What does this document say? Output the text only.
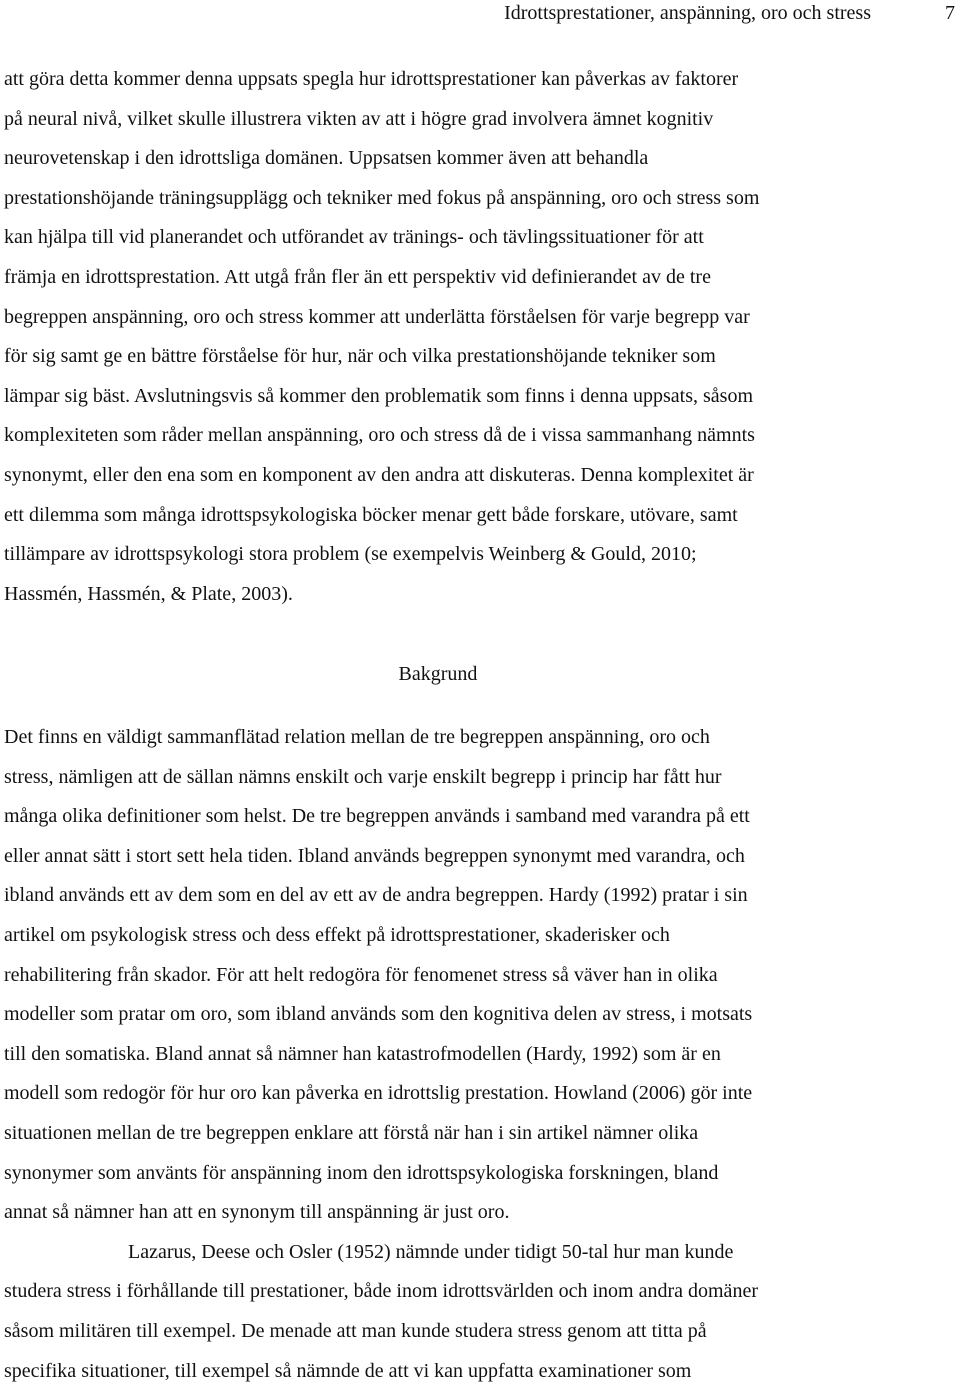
Idrottsprestationer, anspänning, oro och stress	7
att göra detta kommer denna uppsats spegla hur idrottsprestationer kan påverkas av faktorer
på neural nivå, vilket skulle illustrera vikten av att i högre grad involvera ämnet kognitiv
neurovetenskap i den idrottsliga domänen. Uppsatsen kommer även att behandla
prestationshöjande träningsupplägg och tekniker med fokus på anspänning, oro och stress som
kan hjälpa till vid planerandet och utförandet av tränings- och tävlingssituationer för att
främja en idrottsprestation. Att utgå från fler än ett perspektiv vid definierandet av de tre
begreppen anspänning, oro och stress kommer att underlätta förståelsen för varje begrepp var
för sig samt ge en bättre förståelse för hur, när och vilka prestationshöjande tekniker som
lämpar sig bäst. Avslutningsvis så kommer den problematik som finns i denna uppsats, såsom
komplexiteten som råder mellan anspänning, oro och stress då de i vissa sammanhang nämnts
synonymt, eller den ena som en komponent av den andra att diskuteras. Denna komplexitet är
ett dilemma som många idrottspsykologiska böcker menar gett både forskare, utövare, samt
tillämpare av idrottspsykologi stora problem (se exempelvis Weinberg & Gould, 2010;
Hassmén, Hassmén, & Plate, 2003).
Bakgrund
Det finns en väldigt sammanflätad relation mellan de tre begreppen anspänning, oro och
stress, nämligen att de sällan nämns enskilt och varje enskilt begrepp i princip har fått hur
många olika definitioner som helst. De tre begreppen används i samband med varandra på ett
eller annat sätt i stort sett hela tiden. Ibland används begreppen synonymt med varandra, och
ibland används ett av dem som en del av ett av de andra begreppen. Hardy (1992) pratar i sin
artikel om psykologisk stress och dess effekt på idrottsprestationer, skaderisker och
rehabilitering från skador. För att helt redogöra för fenomenet stress så väver han in olika
modeller som pratar om oro, som ibland används som den kognitiva delen av stress, i motsats
till den somatiska. Bland annat så nämner han katastrofmodellen (Hardy, 1992) som är en
modell som redogör för hur oro kan påverka en idrottslig prestation. Howland (2006) gör inte
situationen mellan de tre begreppen enklare att förstå när han i sin artikel nämner olika
synonymer som använts för anspänning inom den idrottspsykologiska forskningen, bland
annat så nämner han att en synonym till anspänning är just oro.
Lazarus, Deese och Osler (1952) nämnde under tidigt 50-tal hur man kunde
studera stress i förhållande till prestationer, både inom idrottsvärlden och inom andra domäner
såsom militären till exempel. De menade att man kunde studera stress genom att titta på
specifika situationer, till exempel så nämnde de att vi kan uppfatta examinationer som
